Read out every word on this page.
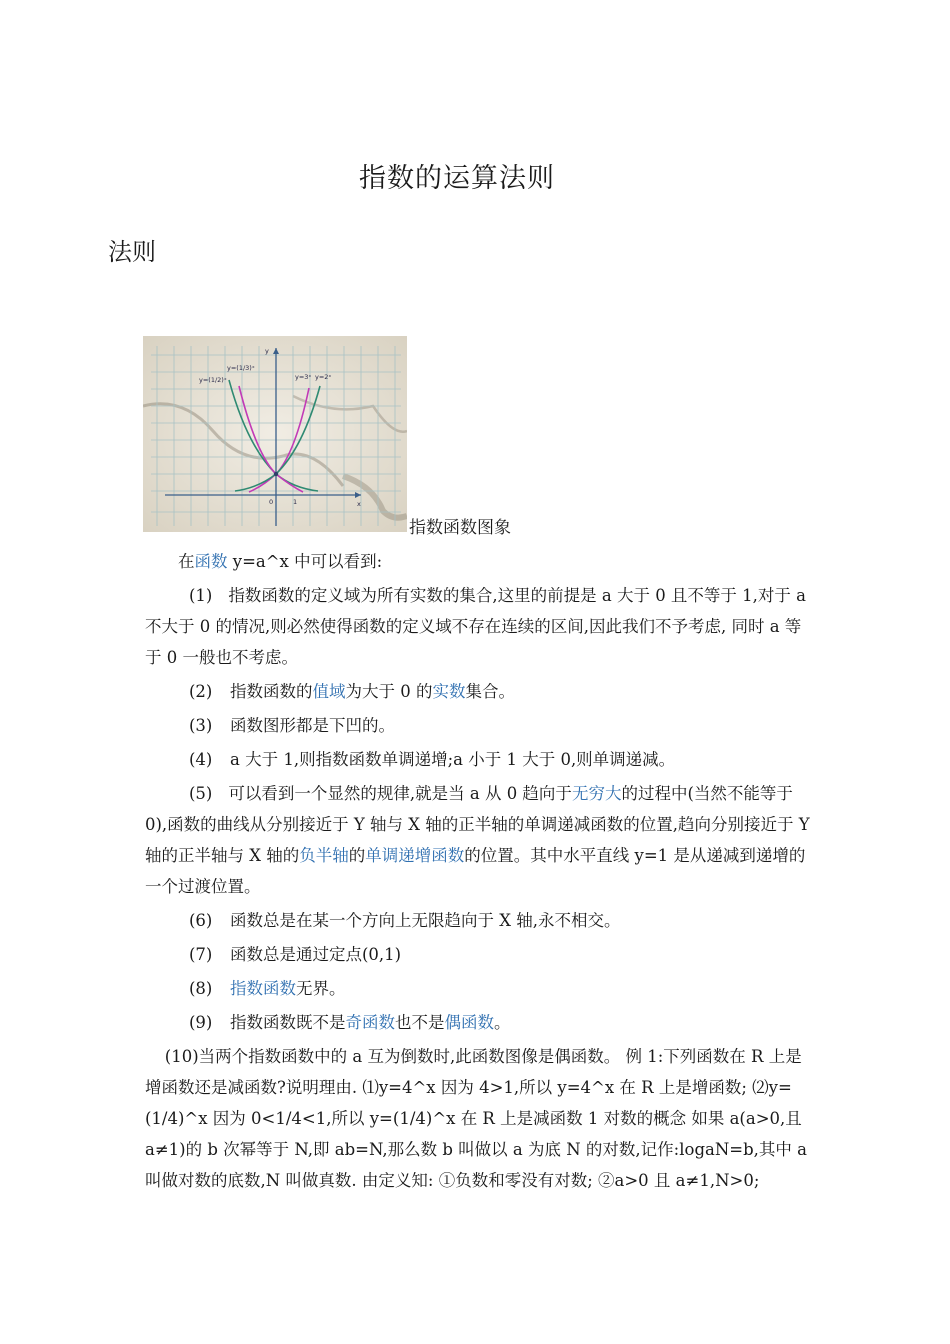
指数的运算法则
法则
y=(1/2)ˣ
y=(1/3)ˣ
y=3ˣ y=2ˣ
y
x
0	1
指数函数图象

在函数 y=a^x 中可以看到:

(1) 指数函数的定义域为所有实数的集合,这里的前提是 a 大于 0 且不等于 1,对于 a 不大于 0 的情况,则必然使得函数的定义域不存在连续的区间,因此我们不予考虑, 同时 a 等于 0 一般也不考虑。

(2)	指数函数的值域为大于 0 的实数集合。

(3)	函数图形都是下凹的。

(4)	a 大于 1,则指数函数单调递增;a 小于 1 大于 0,则单调递减。

(5) 可以看到一个显然的规律,就是当 a 从 0 趋向于无穷大的过程中(当然不能等于 0),函数的曲线从分别接近于 Y 轴与 X 轴的正半轴的单调递减函数的位置,趋向分别接近于 Y 轴的正半轴与 X 轴的负半轴的单调递增函数的位置。其中水平直线 y=1 是从递减到递增的一个过渡位置。

(6)	函数总是在某一个方向上无限趋向于 X 轴,永不相交。

(7)	函数总是通过定点(0,1)

(8)	指数函数无界。

(9)	指数函数既不是奇函数也不是偶函数。

(10)当两个指数函数中的 a 互为倒数时,此函数图像是偶函数。 例 1:下列函数在 R 上是增函数还是减函数?说明理由. ⑴y=4^x 因为 4>1,所以 y=4^x 在 R 上是增函数; ⑵y=(1/4)^x 因为 0<1/4<1,所以 y=(1/4)^x 在 R 上是减函数 1 对数的概念 如果 a(a>0,且 a≠1)的 b 次幂等于 N,即 ab=N,那么数 b 叫做以 a 为底 N 的对数,记作:logaN=b,其中 a 叫做对数的底数,N 叫做真数. 由定义知: ①负数和零没有对数; ②a>0 且 a≠1,N>0;
